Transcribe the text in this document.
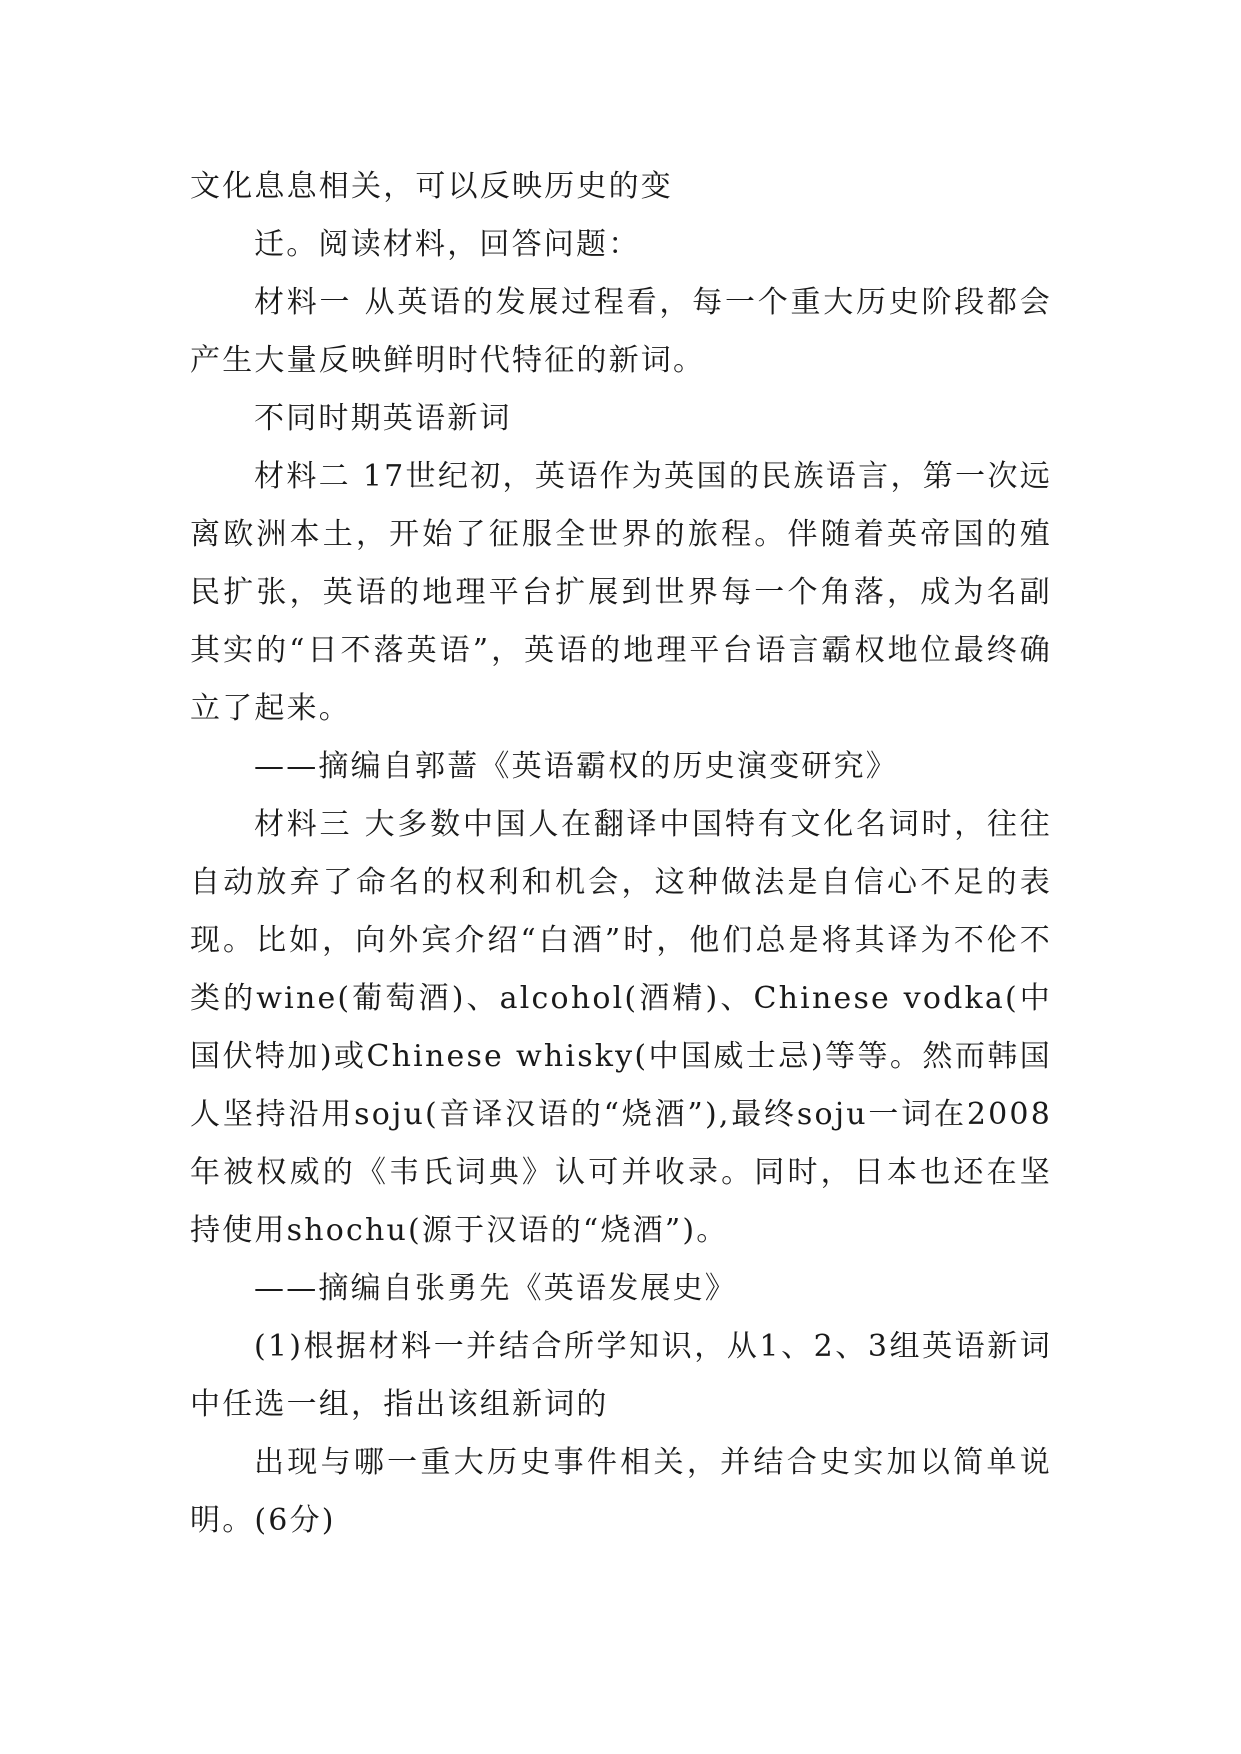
文化息息相关，可以反映历史的变

迁。阅读材料，回答问题：

材料一 从英语的发展过程看，每一个重大历史阶段都会产生大量反映鲜明时代特征的新词。

不同时期英语新词

材料二 17世纪初，英语作为英国的民族语言，第一次远离欧洲本土，开始了征服全世界的旅程。伴随着英帝国的殖民扩张，英语的地理平台扩展到世界每一个角落，成为名副其实的“日不落英语”，英语的地理平台语言霸权地位最终确立了起来。

——摘编自郭蔷《英语霸权的历史演变研究》

材料三 大多数中国人在翻译中国特有文化名词时，往往自动放弃了命名的权利和机会，这种做法是自信心不足的表现。比如，向外宾介绍“白酒”时，他们总是将其译为不伦不类的wine(葡萄酒)、alcohol(酒精)、Chinese vodka(中国伏特加)或Chinese whisky(中国威士忌)等等。然而韩国人坚持沿用soju(音译汉语的“烧酒”),最终soju一词在2008年被权威的《韦氏词典》认可并收录。同时，日本也还在坚持使用shochu(源于汉语的“烧酒”)。

——摘编自张勇先《英语发展史》

(1)根据材料一并结合所学知识，从1、2、3组英语新词中任选一组，指出该组新词的

出现与哪一重大历史事件相关，并结合史实加以简单说明。(6分)
